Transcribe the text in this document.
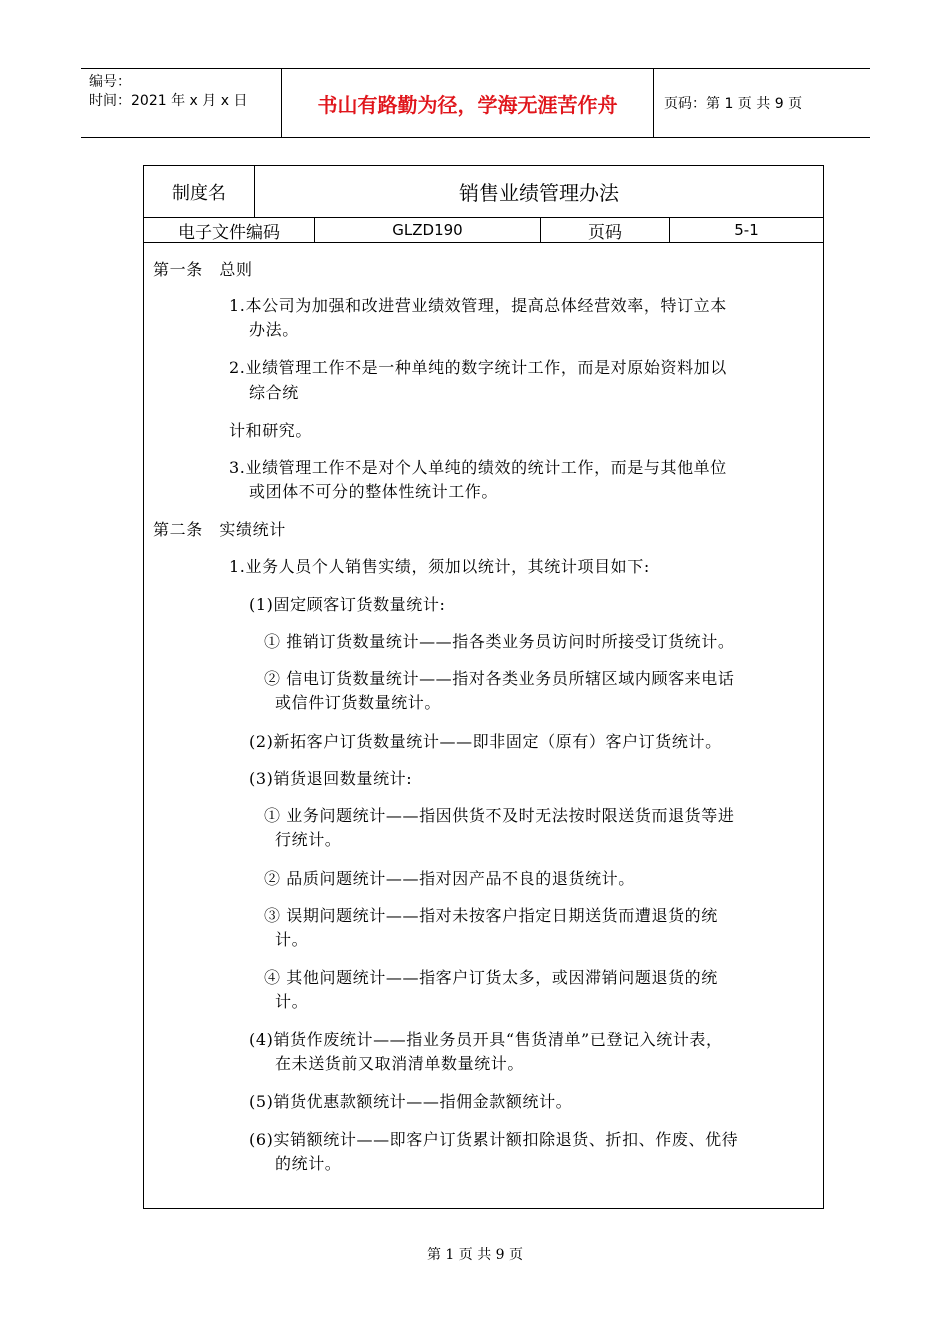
编号：
时间：2021 年 x 月 x 日	书山有路勤为径，学海无涯苦作舟	页码：第 1 页 共 9 页
制度名	销售业绩管理办法
电子文件编码	GLZD190	页码	5-1
第一条　总则
1.本公司为加强和改进营业绩效管理，提高总体经营效率，特订立本
办法。
2.业绩管理工作不是一种单纯的数字统计工作，而是对原始资料加以
综合统
计和研究。
3.业绩管理工作不是对个人单纯的绩效的统计工作，而是与其他单位
或团体不可分的整体性统计工作。
第二条　实绩统计
1.业务人员个人销售实绩，须加以统计，其统计项目如下:
(1)固定顾客订货数量统计:
① 推销订货数量统计——指各类业务员访问时所接受订货统计。
② 信电订货数量统计——指对各类业务员所辖区域内顾客来电话
或信件订货数量统计。
(2)新拓客户订货数量统计——即非固定（原有）客户订货统计。
(3)销货退回数量统计:
① 业务问题统计——指因供货不及时无法按时限送货而退货等进
行统计。
② 品质问题统计——指对因产品不良的退货统计。
③ 误期问题统计——指对未按客户指定日期送货而遭退货的统
计。
④ 其他问题统计——指客户订货太多，或因滞销问题退货的统
计。
(4)销货作废统计——指业务员开具“售货清单”已登记入统计表，
在未送货前又取消清单数量统计。
(5)销货优惠款额统计——指佣金款额统计。
(6)实销额统计——即客户订货累计额扣除退货、折扣、作废、优待
的统计。
第 1 页 共 9 页
